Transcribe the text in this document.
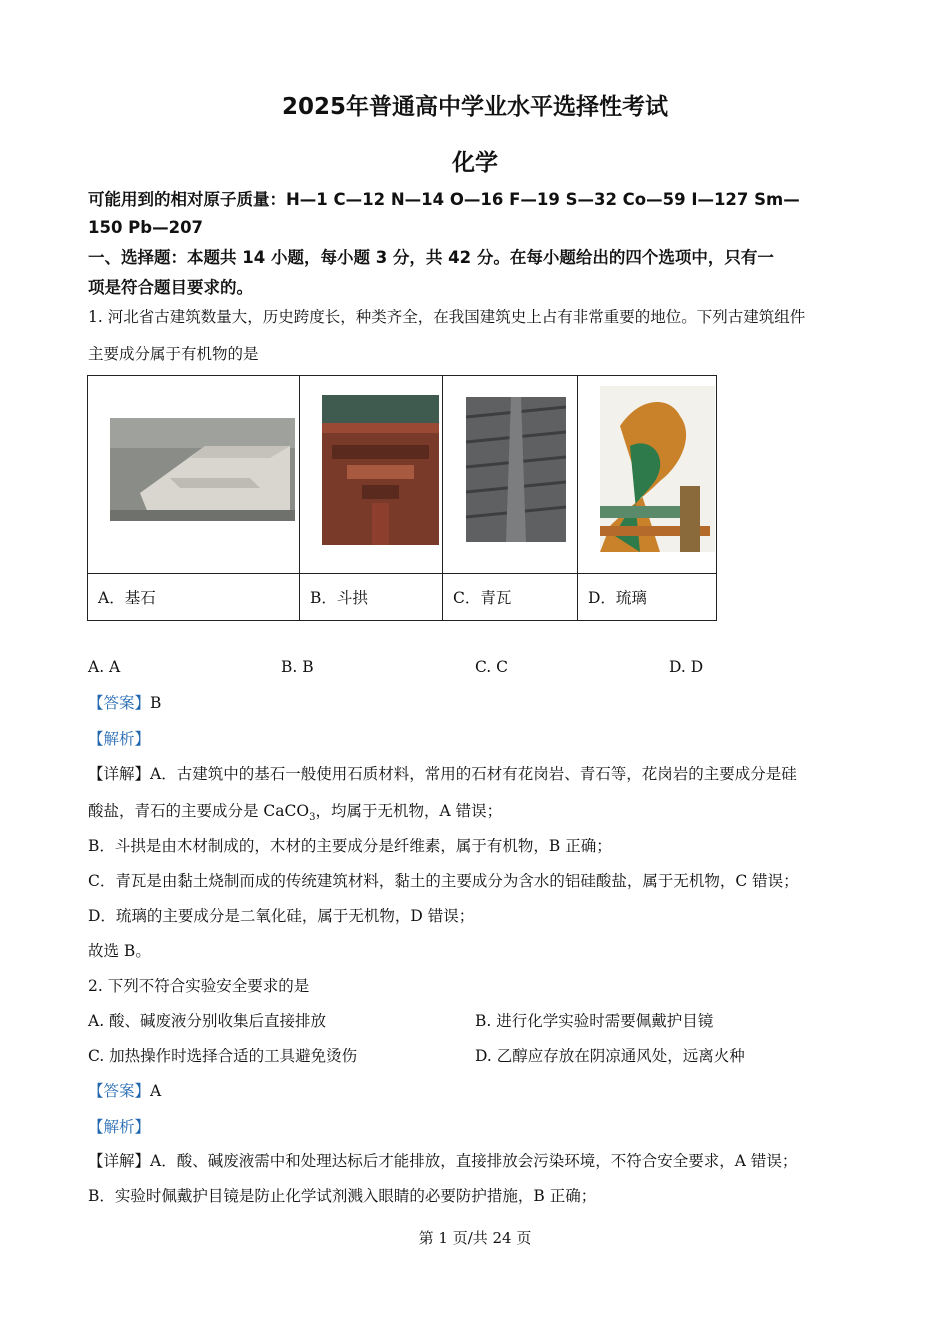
2025年普通高中学业水平选择性考试
化学
可能用到的相对原子质量：H—1 C—12 N—14 O—16 F—19 S—32 Co—59 I—127 Sm—
150 Pb—207
一、选择题：本题共 14 小题，每小题 3 分，共 42 分。在每小题给出的四个选项中，只有一
项是符合题目要求的。
1. 河北省古建筑数量大，历史跨度长，种类齐全，在我国建筑史上占有非常重要的地位。下列古建筑组件
主要成分属于有机物的是

A．基石	B．斗拱	C．青瓦	D．琉璃
A. A	B. B	C. C	D. D
【答案】B
【解析】
【详解】A．古建筑中的基石一般使用石质材料，常用的石材有花岗岩、青石等，花岗岩的主要成分是硅
酸盐，青石的主要成分是 CaCO$_3$，均属于无机物，A 错误；
B．斗拱是由木材制成的，木材的主要成分是纤维素，属于有机物，B 正确；
C．青瓦是由黏土烧制而成的传统建筑材料，黏土的主要成分为含水的铝硅酸盐，属于无机物，C 错误；
D．琉璃的主要成分是二氧化硅，属于无机物，D 错误；
故选 B。
2. 下列不符合实验安全要求的是
A. 酸、碱废液分别收集后直接排放	B. 进行化学实验时需要佩戴护目镜
C. 加热操作时选择合适的工具避免烫伤	D. 乙醇应存放在阴凉通风处，远离火种
【答案】A
【解析】
【详解】A．酸、碱废液需中和处理达标后才能排放，直接排放会污染环境，不符合安全要求，A 错误；
B．实验时佩戴护目镜是防止化学试剂溅入眼睛的必要防护措施，B 正确；
第 1 页/共 24 页
